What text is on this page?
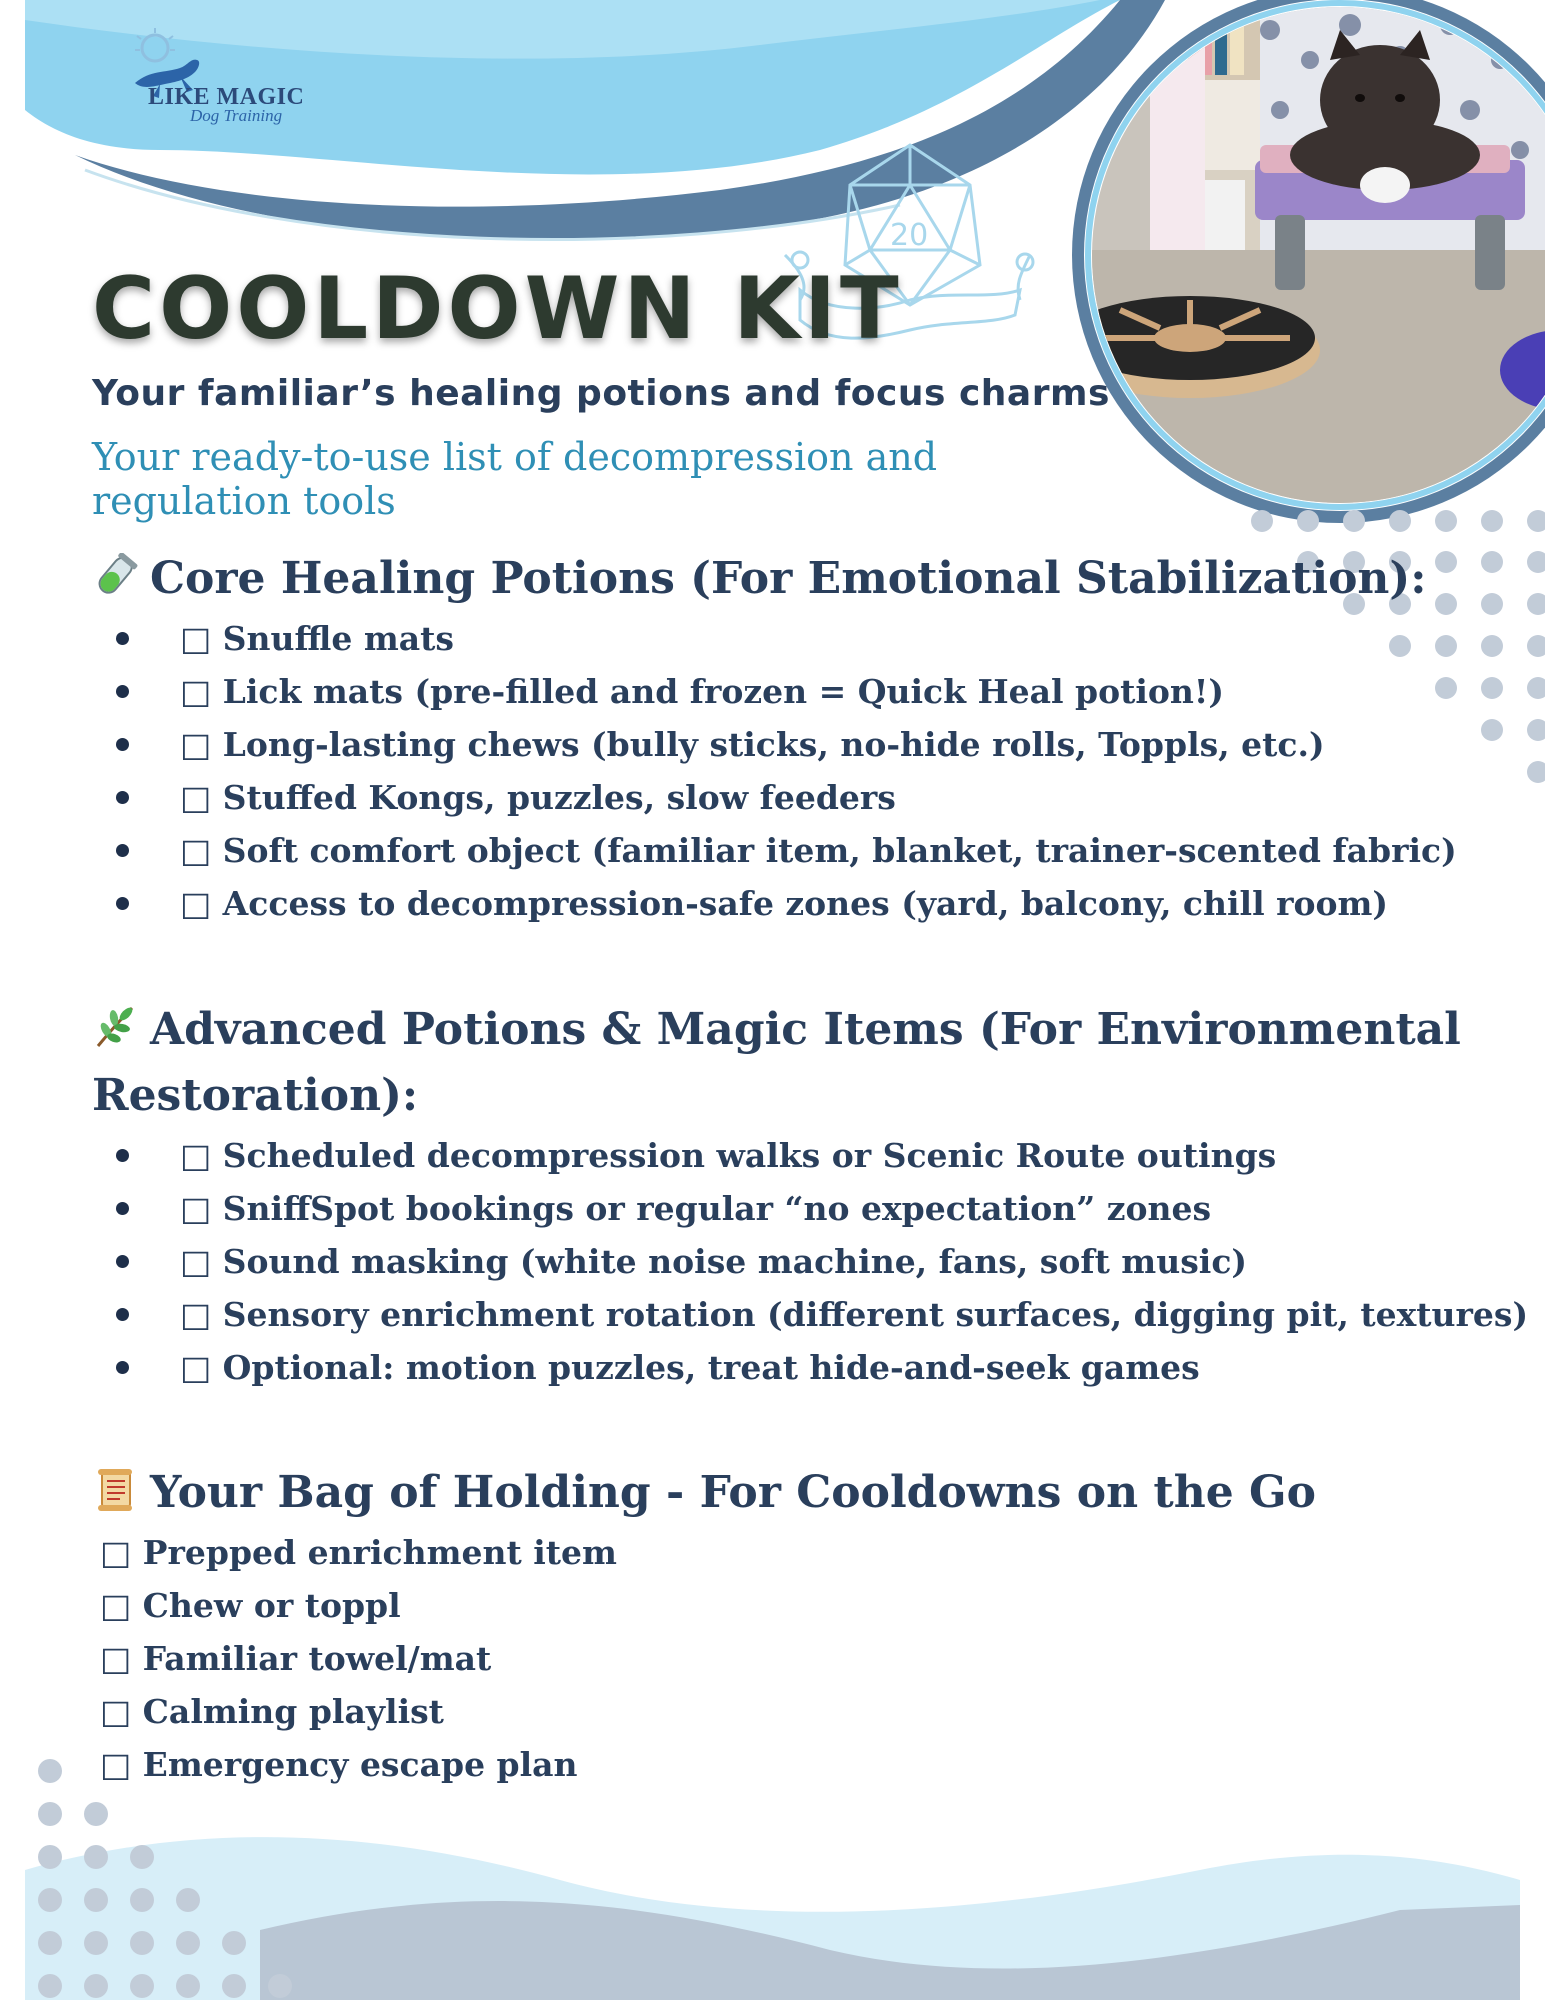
20
LIKE MAGIC
Dog Training
COOLDOWN KIT
Your familiar’s healing potions and focus charms
Your ready-to-use list of decompression and regulation tools
Core Healing Potions (For Emotional Stabilization):
□ Snuffle mats
□ Lick mats (pre-filled and frozen = Quick Heal potion!)
□ Long-lasting chews (bully sticks, no-hide rolls, Toppls, etc.)
□ Stuffed Kongs, puzzles, slow feeders
□ Soft comfort object (familiar item, blanket, trainer-scented fabric)
□ Access to decompression-safe zones (yard, balcony, chill room)
Advanced Potions & Magic Items (For Environmental
Restoration):
□ Scheduled decompression walks or Scenic Route outings
□ SniffSpot bookings or regular “no expectation” zones
□ Sound masking (white noise machine, fans, soft music)
□ Sensory enrichment rotation (different surfaces, digging pit, textures)
□ Optional: motion puzzles, treat hide-and-seek games
Your Bag of Holding - For Cooldowns on the Go
□ Prepped enrichment item
□ Chew or toppl
□ Familiar towel/mat
□ Calming playlist
□ Emergency escape plan
